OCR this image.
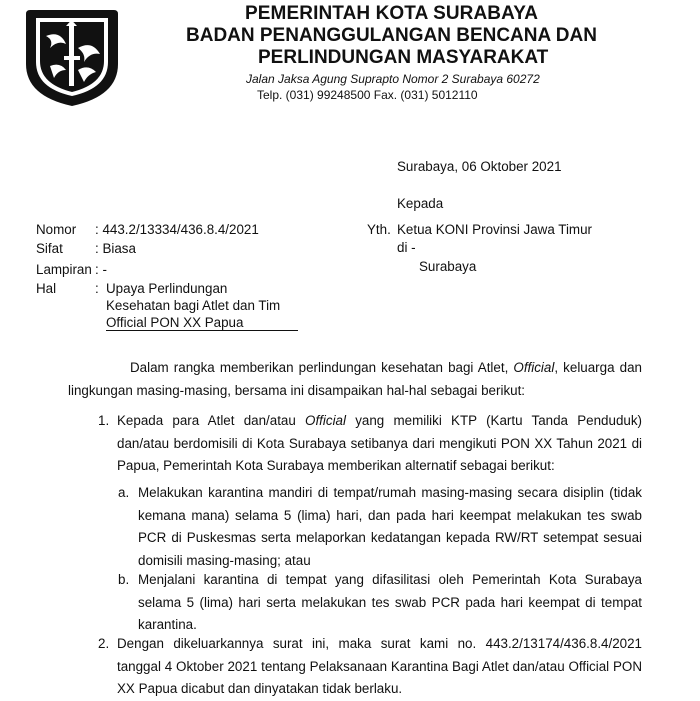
PEMERINTAH KOTA SURABAYA
BADAN PENANGGULANGAN BENCANA DAN
PERLINDUNGAN MASYARAKAT
Jalan Jaksa Agung Suprapto Nomor 2 Surabaya 60272
Telp. (031) 99248500 Fax. (031) 5012110
Surabaya, 06 Oktober 2021
Kepada
Yth. Ketua KONI Provinsi Jawa Timur
di -
Surabaya
Nomor : 443.2/13334/436.8.4/2021
Sifat : Biasa
Lampiran : -
Hal	: Upaya Perlindungan
Kesehatan bagi Atlet dan Tim
Official PON XX Papua
Dalam rangka memberikan perlindungan kesehatan bagi Atlet, Official, keluarga dan lingkungan masing-masing, bersama ini disampaikan hal-hal sebagai berikut:
1. Kepada para Atlet dan/atau Official yang memiliki KTP (Kartu Tanda Penduduk) dan/atau berdomisili di Kota Surabaya setibanya dari mengikuti PON XX Tahun 2021 di Papua, Pemerintah Kota Surabaya memberikan alternatif sebagai berikut:
a. Melakukan karantina mandiri di tempat/rumah masing-masing secara disiplin (tidak kemana mana) selama 5 (lima) hari, dan pada hari keempat melakukan tes swab PCR di Puskesmas serta melaporkan kedatangan kepada RW/RT setempat sesuai domisili masing-masing; atau
b. Menjalani karantina di tempat yang difasilitasi oleh Pemerintah Kota Surabaya selama 5 (lima) hari serta melakukan tes swab PCR pada hari keempat di tempat karantina.
2. Dengan dikeluarkannya surat ini, maka surat kami no. 443.2/13174/436.8.4/2021 tanggal 4 Oktober 2021 tentang Pelaksanaan Karantina Bagi Atlet dan/atau Official PON XX Papua dicabut dan dinyatakan tidak berlaku.
